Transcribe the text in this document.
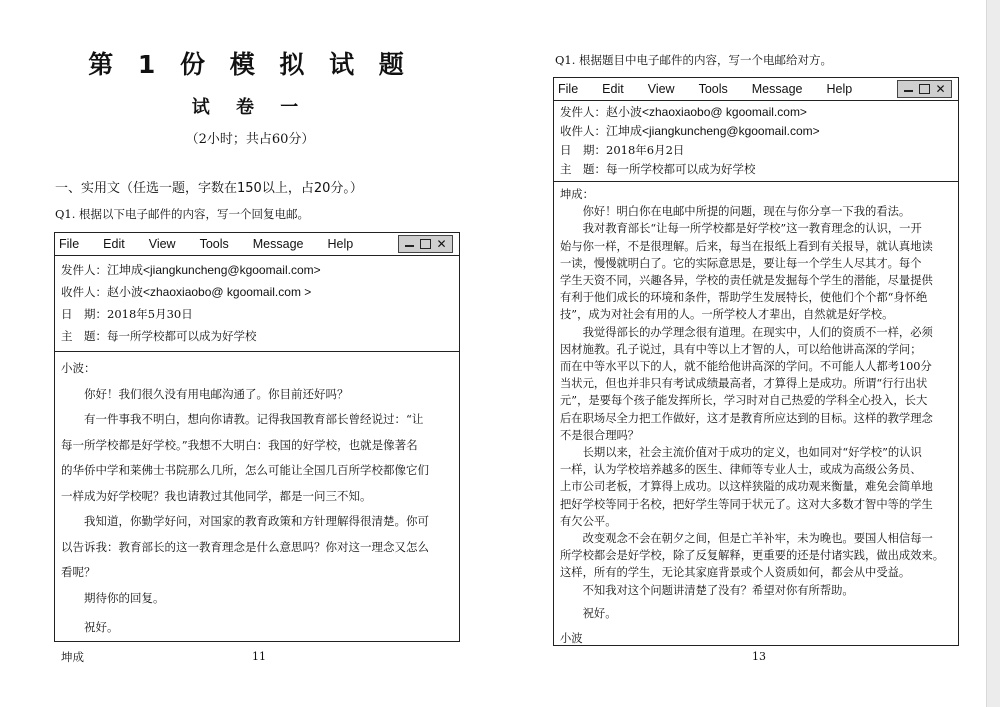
第 1 份 模 拟 试 题
试 卷 一
（2小时；共占60分）
一、实用文（任选一题，字数在150以上，占20分。）
Q1. 根据以下电子邮件的内容，写一个回复电邮。
File Edit View Tools Message Help	✕
发件人：江坤成<jiangkuncheng@kgoomail.com>
收件人：赵小波<zhaoxiaobo@ kgoomail.com >
日　期：2018年5月30日
主　题：每一所学校都可以成为好学校

小波：

　　你好！我们很久没有用电邮沟通了。你目前还好吗？

　　有一件事我不明白，想向你请教。记得我国教育部长曾经说过：“让

每一所学校都是好学校。”我想不大明白：我国的好学校，也就是像著名

的华侨中学和莱佛士书院那么几所，怎么可能让全国几百所学校都像它们

一样成为好学校呢？我也请教过其他同学，都是一问三不知。

　　我知道，你勤学好问，对国家的教育政策和方针理解得很清楚。你可

以告诉我：教育部长的这一教育理念是什么意思吗？你对这一理念又怎么

看呢？

　　期待你的回复。

　　祝好。

坤成	11
Q1. 根据题目中电子邮件的内容，写一个电邮给对方。
File Edit View Tools Message Help	✕
发件人：赵小波<zhaoxiaobo@ kgoomail.com>
收件人：江坤成<jiangkuncheng@kgoomail.com>
日　期：2018年6月2日
主　题：每一所学校都可以成为好学校

坤成：

　　你好！明白你在电邮中所提的问题，现在与你分享一下我的看法。

　　我对教育部长“让每一所学校都是好学校”这一教育理念的认识，一开

始与你一样，不是很理解。后来，每当在报纸上看到有关报导，就认真地读

一读，慢慢就明白了。它的实际意思是，要让每一个学生人尽其才。每个

学生天资不同，兴趣各异，学校的责任就是发掘每个学生的潜能，尽量提供

有利于他们成长的环境和条件，帮助学生发展特长，使他们个个都“身怀绝

技”，成为对社会有用的人。一所学校人才辈出，自然就是好学校。

　　我觉得部长的办学理念很有道理。在现实中，人们的资质不一样，必须

因材施教。孔子说过，具有中等以上才智的人，可以给他讲高深的学问；

而在中等水平以下的人，就不能给他讲高深的学问。不可能人人都考100分

当状元，但也并非只有考试成绩最高者，才算得上是成功。所谓“行行出状

元”，是要每个孩子能发挥所长，学习时对自己热爱的学科全心投入，长大

后在职场尽全力把工作做好，这才是教育所应达到的目标。这样的教学理念

不是很合理吗？

　　长期以来，社会主流价值对于成功的定义，也如同对“好学校”的认识

一样，认为学校培养越多的医生、律师等专业人士，或成为高级公务员、

上市公司老板，才算得上成功。以这样狭隘的成功观来衡量，难免会简单地

把好学校等同于名校，把好学生等同于状元了。这对大多数才智中等的学生

有欠公平。

　　改变观念不会在朝夕之间，但是亡羊补牢，未为晚也。要国人相信每一

所学校都会是好学校，除了反复解释，更重要的还是付诸实践，做出成效来。

这样，所有的学生，无论其家庭背景或个人资质如何，都会从中受益。

　　不知我对这个问题讲清楚了没有？希望对你有所帮助。

　　祝好。

小波

13
